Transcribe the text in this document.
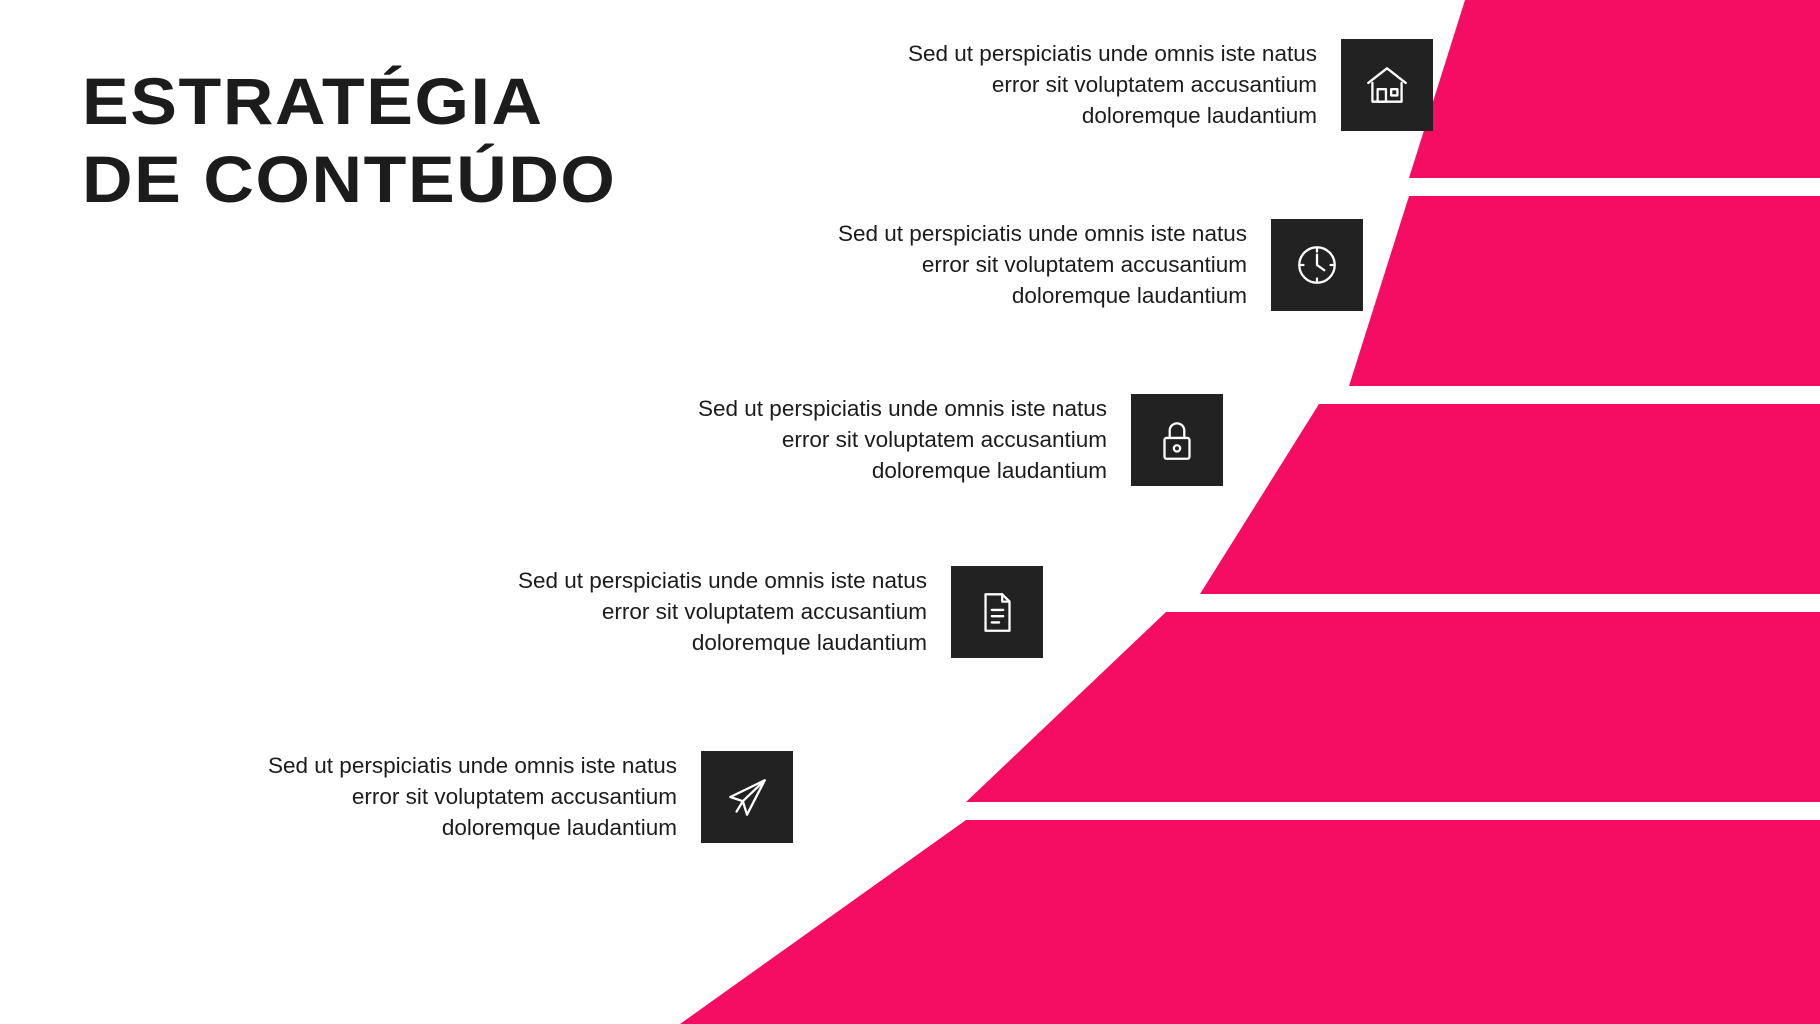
ESTRATÉGIA
DE CONTEÚDO
Sed ut perspiciatis unde omnis iste natus
error sit voluptatem accusantium
doloremque laudantium
Sed ut perspiciatis unde omnis iste natus
error sit voluptatem accusantium
doloremque laudantium
Sed ut perspiciatis unde omnis iste natus
error sit voluptatem accusantium
doloremque laudantium
Sed ut perspiciatis unde omnis iste natus
error sit voluptatem accusantium
doloremque laudantium
Sed ut perspiciatis unde omnis iste natus
error sit voluptatem accusantium
doloremque laudantium
